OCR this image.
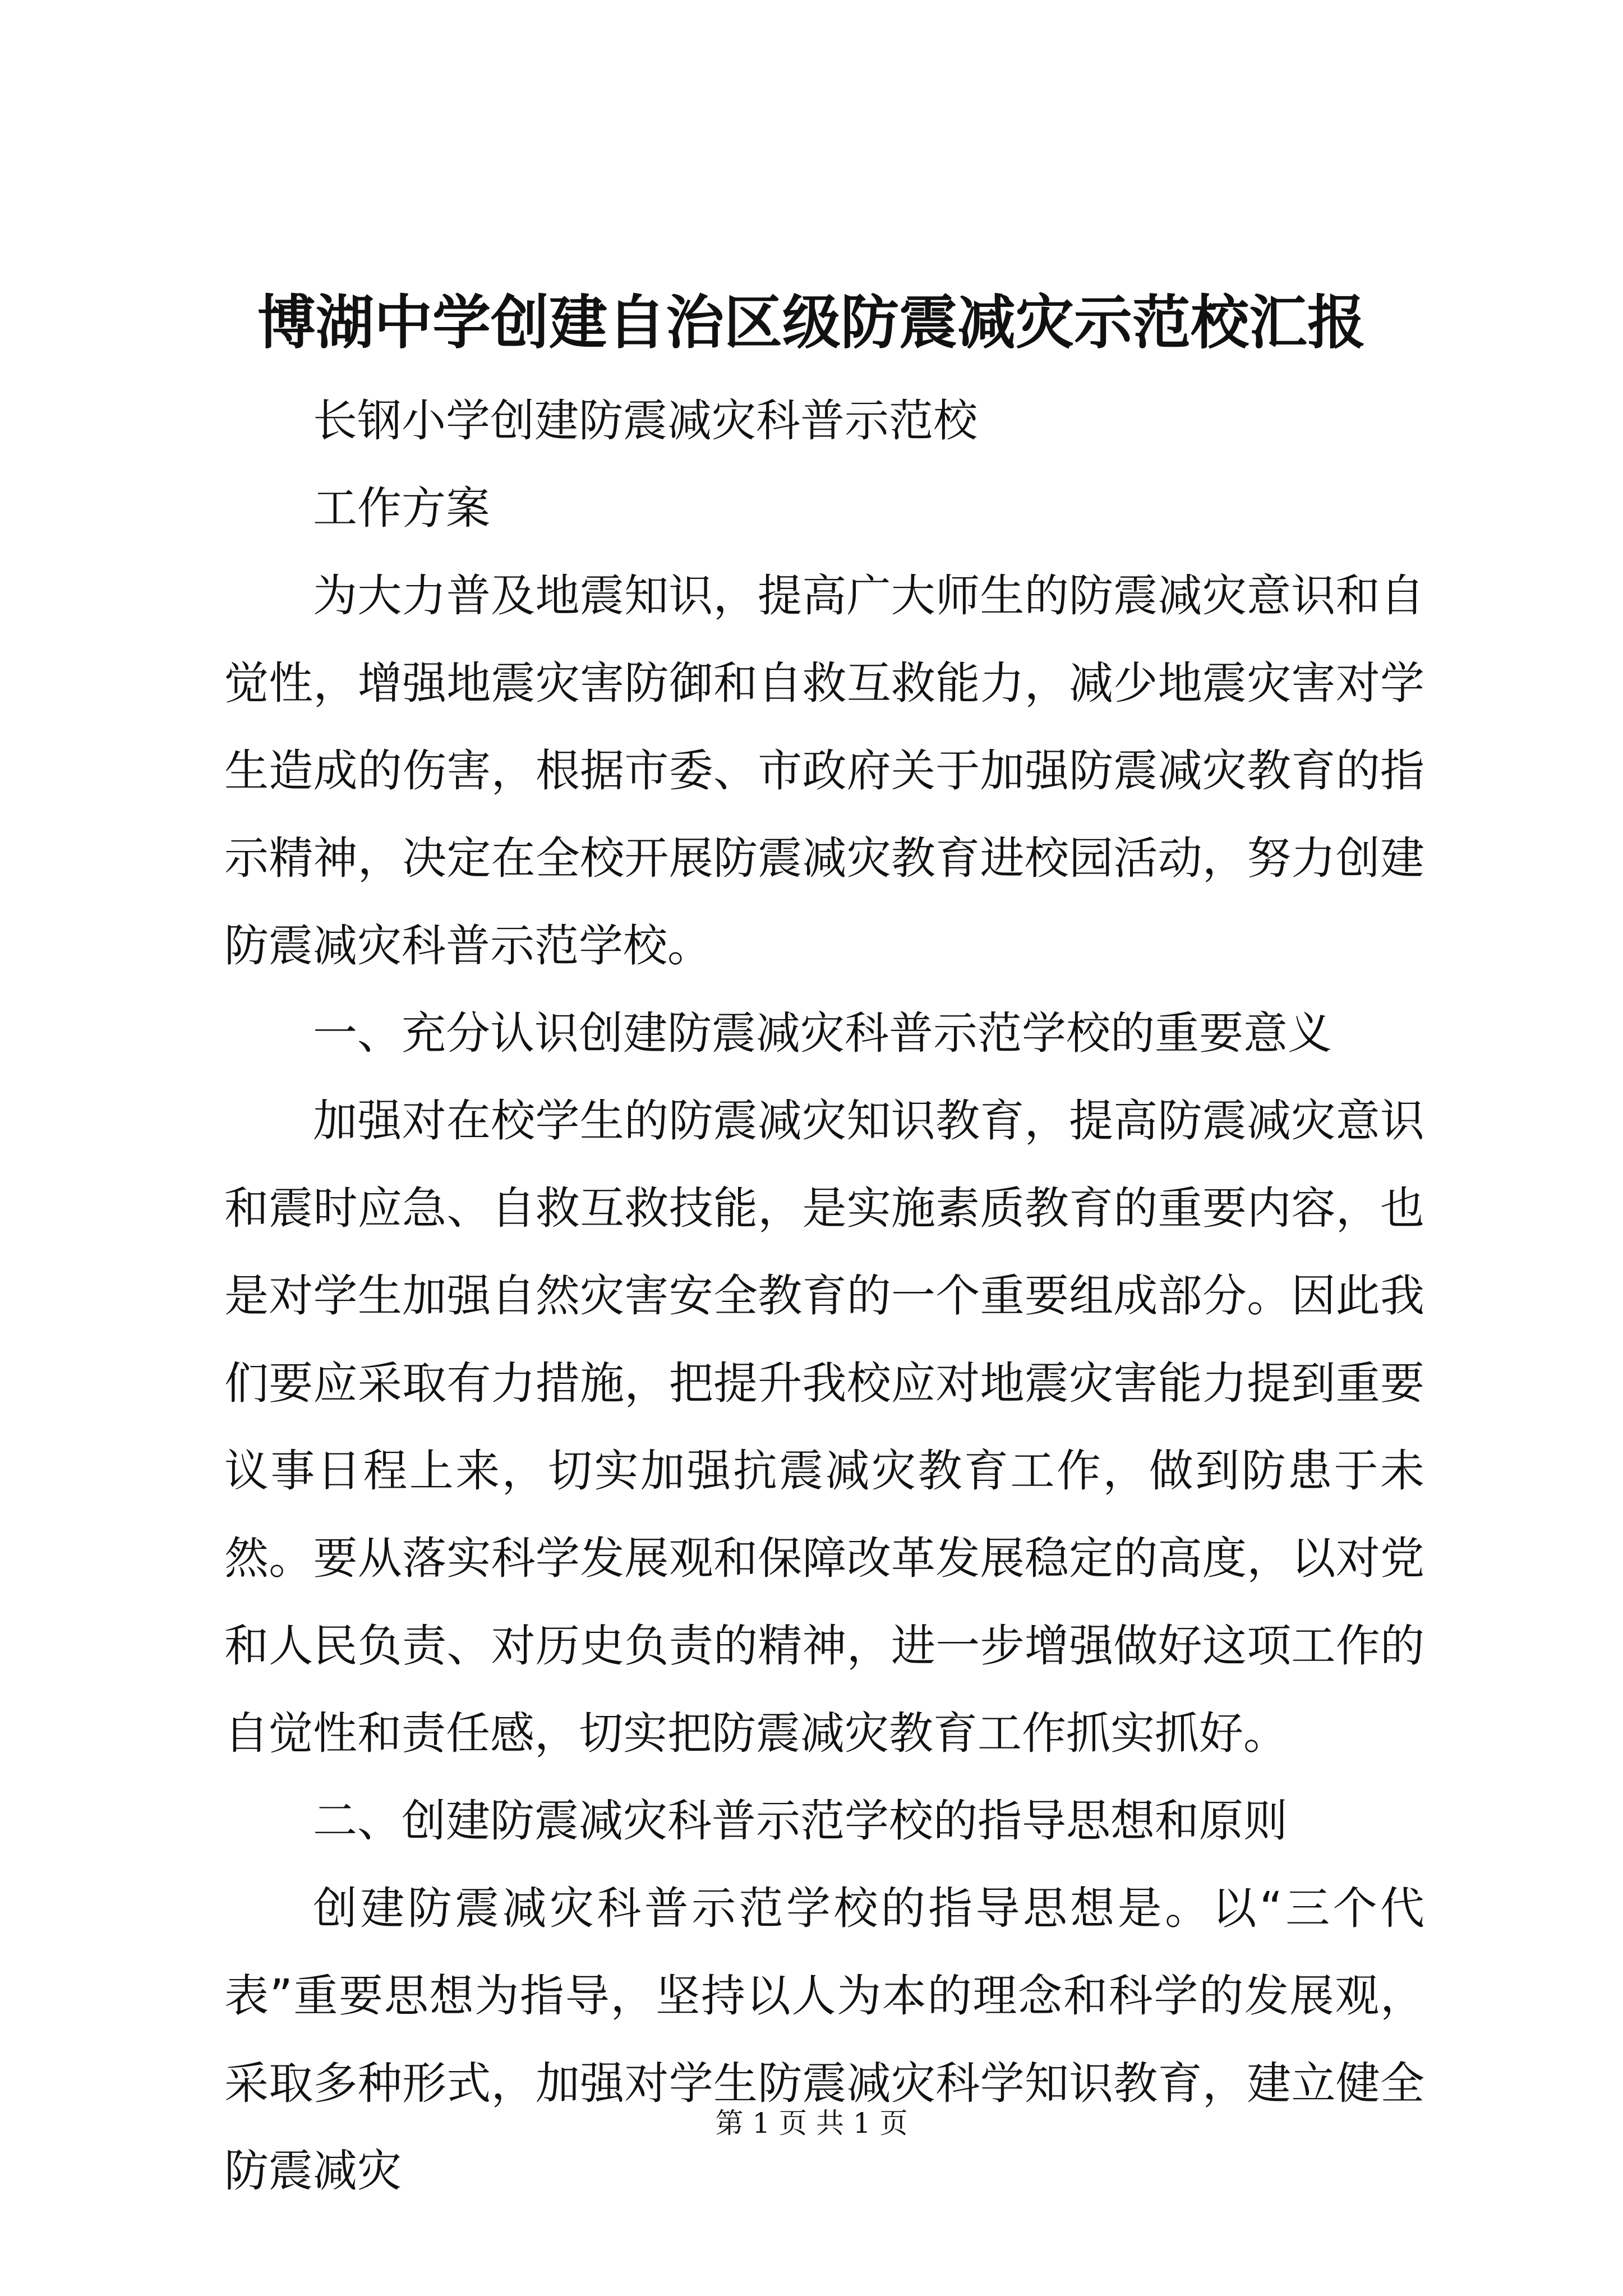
博湖中学创建自治区级防震减灾示范校汇报

长钢小学创建防震减灾科普示范校

工作方案

为大力普及地震知识，提高广大师生的防震减灾意识和自觉性，增强地震灾害防御和自救互救能力，减少地震灾害对学生造成的伤害，根据市委、市政府关于加强防震减灾教育的指示精神，决定在全校开展防震减灾教育进校园活动，努力创建防震减灾科普示范学校。

一、充分认识创建防震减灾科普示范学校的重要意义

加强对在校学生的防震减灾知识教育，提高防震减灾意识和震时应急、自救互救技能，是实施素质教育的重要内容，也是对学生加强自然灾害安全教育的一个重要组成部分。因此我们要应采取有力措施，把提升我校应对地震灾害能力提到重要议事日程上来，切实加强抗震减灾教育工作，做到防患于未然。要从落实科学发展观和保障改革发展稳定的高度，以对党和人民负责、对历史负责的精神，进一步增强做好这项工作的自觉性和责任感，切实把防震减灾教育工作抓实抓好。

二、创建防震减灾科普示范学校的指导思想和原则

创建防震减灾科普示范学校的指导思想是。以“三个代表”重要思想为指导，坚持以人为本的理念和科学的发展观，采取多种形式，加强对学生防震减灾科学知识教育，建立健全防震减灾

第 1 页 共 1 页
